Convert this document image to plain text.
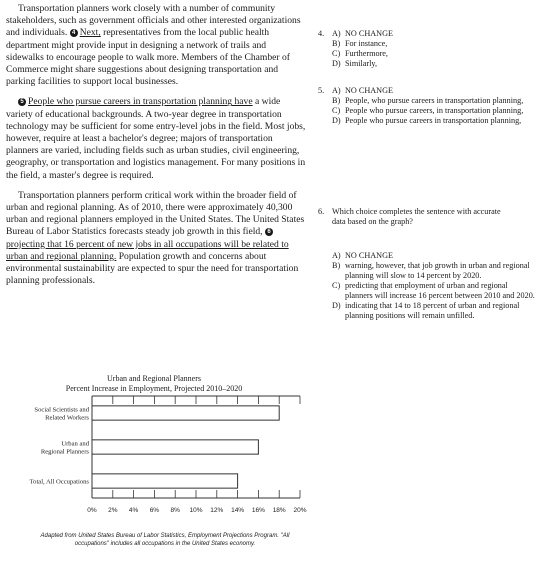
Transportation planners work closely with a number of community stakeholders, such as government officials and other interested organizations and individuals. 4 Next, representatives from the local public health department might provide input in designing a network of trails and sidewalks to encourage people to walk more. Members of the Chamber of Commerce might share suggestions about designing transportation and parking facilities to support local businesses.

5 People who pursue careers in transportation planning have a wide variety of educational backgrounds. A two-year degree in transportation technology may be sufficient for some entry-level jobs in the field. Most jobs, however, require at least a bachelor's degree; majors of transportation planners are varied, including fields such as urban studies, civil engineering, geography, or transportation and logistics management. For many positions in the field, a master's degree is required.

Transportation planners perform critical work within the broader field of urban and regional planning. As of 2010, there were approximately 40,300 urban and regional planners employed in the United States. The United States Bureau of Labor Statistics forecasts steady job growth in this field, 6projecting that 16 percent of new jobs in all occupations will be related to urban and regional planning. Population growth and concerns about environmental sustainability are expected to spur the need for transportation planning professionals.

Urban and Regional Planners
Percent Increase in Employment, Projected 2010–2020
0% 2% 4% 6% 8% 10% 12% 14% 16% 18% 20%
Social Scientists and Related Workers
Urban and Regional Planners
Total, All Occupations
Adapted from United States Bureau of Labor Statistics, Employment Projections Program. "All occupations" includes all occupations in the United States economy.
4. A) NO CHANGE
B) For instance,
C) Furthermore,
D) Similarly,
5. A) NO CHANGE
B) People, who pursue careers in transportation planning,
C) People who pursue careers, in transportation planning,
D) People who pursue careers in transportation planning,
6. Which choice completes the sentence with accurate data based on the graph?
A) NO CHANGE
B) warning, however, that job growth in urban and regional planning will slow to 14 percent by 2020.
C) predicting that employment of urban and regional planners will increase 16 percent between 2010 and 2020.
D) indicating that 14 to 18 percent of urban and regional planning positions will remain unfilled.
